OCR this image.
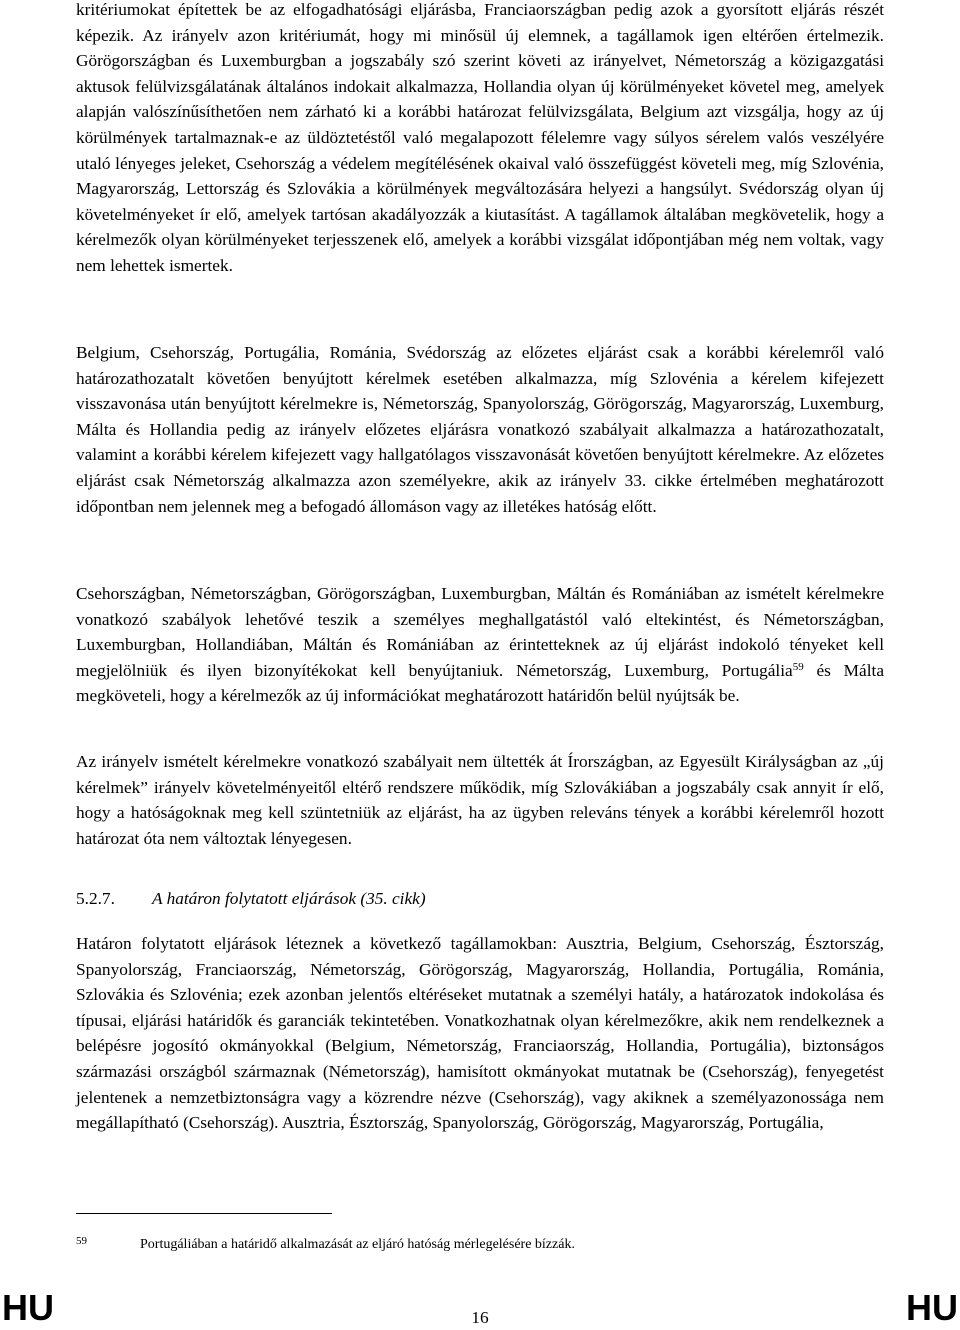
kritériumokat építettek be az elfogadhatósági eljárásba, Franciaországban pedig azok a gyorsított eljárás részét képezik. Az irányelv azon kritériumát, hogy mi minősül új elemnek, a tagállamok igen eltérően értelmezik. Görögországban és Luxemburgban a jogszabály szó szerint követi az irányelvet, Németország a közigazgatási aktusok felülvizsgálatának általános indokait alkalmazza, Hollandia olyan új körülményeket követel meg, amelyek alapján valószínűsíthetően nem zárható ki a korábbi határozat felülvizsgálata, Belgium azt vizsgálja, hogy az új körülmények tartalmaznak-e az üldöztetéstől való megalapozott félelemre vagy súlyos sérelem valós veszélyére utaló lényeges jeleket, Csehország a védelem megítélésének okaival való összefüggést követeli meg, míg Szlovénia, Magyarország, Lettország és Szlovákia a körülmények megváltozására helyezi a hangsúlyt. Svédország olyan új követelményeket ír elő, amelyek tartósan akadályozzák a kiutasítást. A tagállamok általában megkövetelik, hogy a kérelmezők olyan körülményeket terjesszenek elő, amelyek a korábbi vizsgálat időpontjában még nem voltak, vagy nem lehettek ismertek.

Belgium, Csehország, Portugália, Románia, Svédország az előzetes eljárást csak a korábbi kérelemről való határozathozatalt követően benyújtott kérelmek esetében alkalmazza, míg Szlovénia a kérelem kifejezett visszavonása után benyújtott kérelmekre is, Németország, Spanyolország, Görögország, Magyarország, Luxemburg, Málta és Hollandia pedig az irányelv előzetes eljárásra vonatkozó szabályait alkalmazza a határozathozatalt, valamint a korábbi kérelem kifejezett vagy hallgatólagos visszavonását követően benyújtott kérelmekre. Az előzetes eljárást csak Németország alkalmazza azon személyekre, akik az irányelv 33. cikke értelmében meghatározott időpontban nem jelennek meg a befogadó állomáson vagy az illetékes hatóság előtt.

Csehországban, Németországban, Görögországban, Luxemburgban, Máltán és Romániában az ismételt kérelmekre vonatkozó szabályok lehetővé teszik a személyes meghallgatástól való eltekintést, és Németországban, Luxemburgban, Hollandiában, Máltán és Romániában az érintetteknek az új eljárást indokoló tényeket kell megjelölniük és ilyen bizonyítékokat kell benyújtaniuk. Németország, Luxemburg, Portugália$^{59}$ és Málta megköveteli, hogy a kérelmezők az új információkat meghatározott határidőn belül nyújtsák be.

Az irányelv ismételt kérelmekre vonatkozó szabályait nem ültették át Írországban, az Egyesült Királyságban az „új kérelmek” irányelv követelményeitől eltérő rendszere működik, míg Szlovákiában a jogszabály csak annyit ír elő, hogy a hatóságoknak meg kell szüntetniük az eljárást, ha az ügyben releváns tények a korábbi kérelemről hozott határozat óta nem változtak lényegesen.

5.2.7. A határon folytatott eljárások (35. cikk)

Határon folytatott eljárások léteznek a következő tagállamokban: Ausztria, Belgium, Csehország, Észtország, Spanyolország, Franciaország, Németország, Görögország, Magyarország, Hollandia, Portugália, Románia, Szlovákia és Szlovénia; ezek azonban jelentős eltéréseket mutatnak a személyi hatály, a határozatok indokolása és típusai, eljárási határidők és garanciák tekintetében. Vonatkozhatnak olyan kérelmezőkre, akik nem rendelkeznek a belépésre jogosító okmányokkal (Belgium, Németország, Franciaország, Hollandia, Portugália), biztonságos származási országból származnak (Németország), hamisított okmányokat mutatnak be (Csehország), fenyegetést jelentenek a nemzetbiztonságra vagy a közrendre nézve (Csehország), vagy akiknek a személyazonossága nem megállapítható (Csehország). Ausztria, Észtország, Spanyolország, Görögország, Magyarország, Portugália,

59	Portugáliában a határidő alkalmazását az eljáró hatóság mérlegelésére bízzák.
HU	16	HU
